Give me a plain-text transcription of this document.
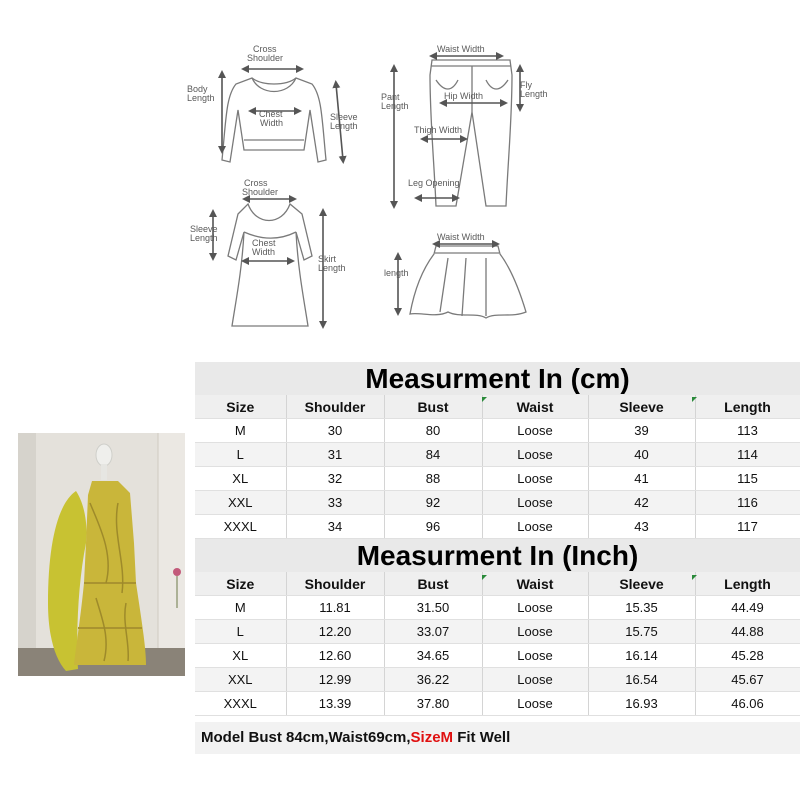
Cross Shoulder
Body Length
Chest Width
Sleeve Length
Waist Width
Pant Length
Hip Width
Fly Length
Thigh Width
Leg Opening
Cross Shoulder
Sleeve Length	Chest Width
Skirt Length
Waist Width
length
Measurment In (cm)
Size	Shoulder	Bust	Waist	Sleeve	Length
M	30	80	Loose	39	113
L	31	84	Loose	40	114
XL	32	88	Loose	41	115
XXL	33	92	Loose	42	116
XXXL	34	96	Loose	43	117
Measurment In (Inch)
Size	Shoulder	Bust	Waist	Sleeve	Length
M	11.81	31.50	Loose	15.35	44.49
L	12.20	33.07	Loose	15.75	44.88
XL	12.60	34.65	Loose	16.14	45.28
XXL	12.99	36.22	Loose	16.54	45.67
XXXL	13.39	37.80	Loose	16.93	46.06
Model Bust 84cm,Waist69cm,SizeM Fit Well
